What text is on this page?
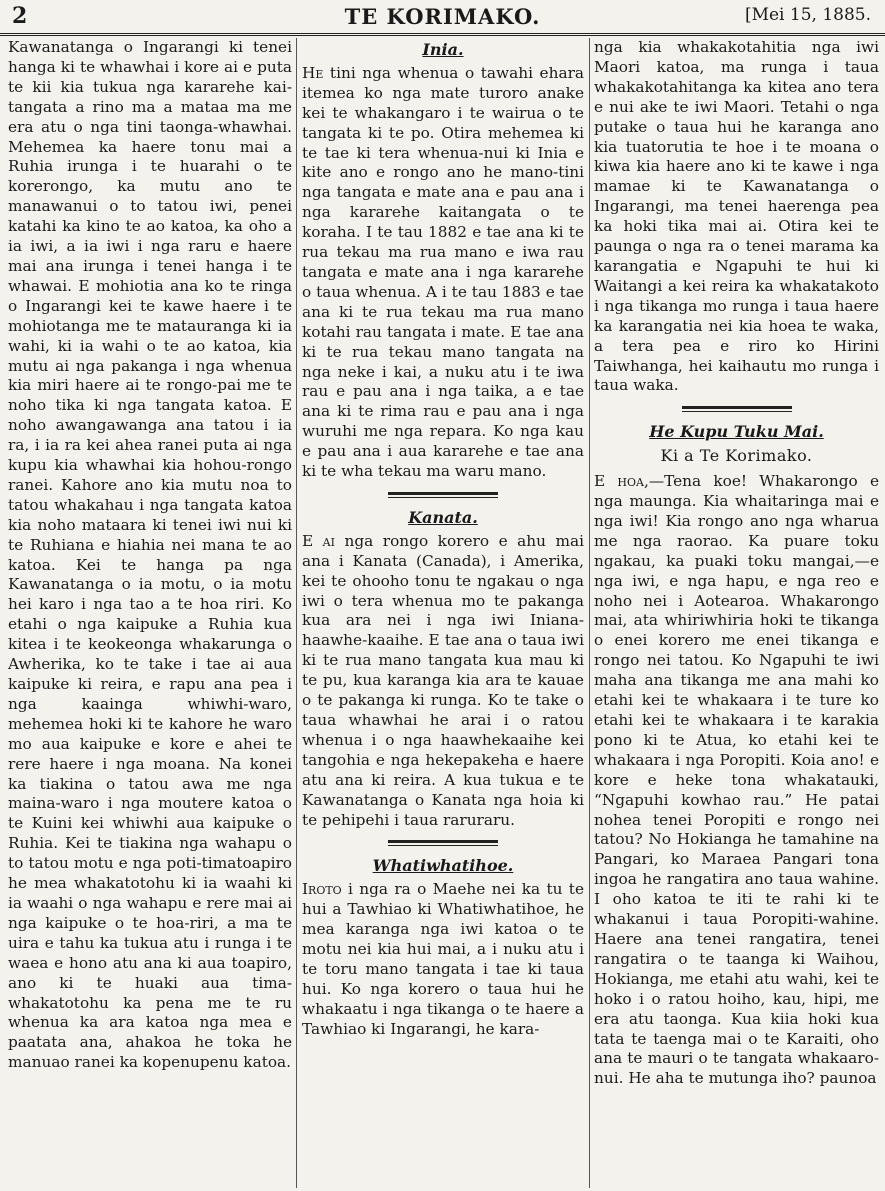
2	TE KORIMAKO.	[Mei 15, 1885.

Kawanatanga o Ingarangi ki tenei hanga ki te whawhai i kore ai e puta te kii kia tukua nga kararehe kai-tangata a rino ma a mataa ma me era atu o nga tini taonga-whawhai. Mehemea ka haere tonu mai a Ruhia irunga i te huarahi o te korerongo, ka mutu ano te manawanui o to tatou iwi, penei katahi ka kino te ao katoa, ka oho a ia iwi, a ia iwi i nga raru e haere mai ana irunga i tenei hanga i te whawai. E mohiotia ana ko te ringa o Ingarangi kei te kawe haere i te mohiotanga me te matauranga ki ia wahi, ki ia wahi o te ao katoa, kia mutu ai nga pakanga i nga whenua kia miri haere ai te rongo-pai me te noho tika ki nga tangata katoa. E noho awangawanga ana tatou i ia ra, i ia ra kei ahea ranei puta ai nga kupu kia whawhai kia hohou-rongo ranei. Kahore ano kia mutu noa to tatou whakahau i nga tangata katoa kia noho mataara ki tenei iwi nui ki te Ruhiana e hiahia nei mana te ao katoa. Kei te hanga pa nga Kawanatanga o ia motu, o ia motu hei karo i nga tao a te hoa riri. Ko etahi o nga kaipuke a Ruhia kua kitea i te keokeonga whakarunga o Awherika, ko te take i tae ai aua kaipuke ki reira, e rapu ana pea i nga kaainga whiwhi-waro, mehemea hoki ki te kahore he waro mo aua kaipuke e kore e ahei te rere haere i nga moana. Na konei ka tiakina o tatou awa me nga maina-waro i nga moutere katoa o te Kuini kei whiwhi aua kaipuke o Ruhia. Kei te tiakina nga wahapu o to tatou motu e nga poti-timatoapiro he mea whakatotohu ki ia waahi ki ia waahi o nga wahapu e rere mai ai nga kaipuke o te hoa-riri, a ma te uira e tahu ka tukua atu i runga i te waea e hono atu ana ki aua toapiro, ano ki te huaki aua tima-whakatotohu ka pena me te ru whenua ka ara katoa nga mea e paatata ana, ahakoa he toka he manuao ranei ka kopenupenu katoa.

Inia.

He tini nga whenua o tawahi ehara itemea ko nga mate turoro anake kei te whakangaro i te wairua o te tangata ki te po. Otira mehemea ki te tae ki tera whenua-nui ki Inia e kite ano e rongo ano he mano-tini nga tangata e mate ana e pau ana i nga kararehe kaitangata o te koraha. I te tau 1882 e tae ana ki te rua tekau ma rua mano e iwa rau tangata e mate ana i nga kararehe o taua whenua. A i te tau 1883 e tae ana ki te rua tekau ma rua mano kotahi rau tangata i mate. E tae ana ki te rua tekau mano tangata na nga neke i kai, a nuku atu i te iwa rau e pau ana i nga taika, a e tae ana ki te rima rau e pau ana i nga wuruhi me nga repara. Ko nga kau e pau ana i aua kararehe e tae ana ki te wha tekau ma waru mano.

Kanata.

E ai nga rongo korero e ahu mai ana i Kanata (Canada), i Amerika, kei te ohooho tonu te ngakau o nga iwi o tera whenua mo te pakanga kua ara nei i nga iwi Iniana-haawhe-kaaihe. E tae ana o taua iwi ki te rua mano tangata kua mau ki te pu, kua karanga kia ara te kauae o te pakanga ki runga. Ko te take o taua whawhai he arai i o ratou whenua i o nga haawhekaaihe kei tangohia e nga hekepakeha e haere atu ana ki reira. A kua tukua e te Kawanatanga o Kanata nga hoia ki te pehipehi i taua raruraru.

Whatiwhatihoe.

Iroto i nga ra o Maehe nei ka tu te hui a Tawhiao ki Whatiwhatihoe, he mea karanga nga iwi katoa o te motu nei kia hui mai, a i nuku atu i te toru mano tangata i tae ki taua hui. Ko nga korero o taua hui he whakaatu i nga tikanga o te haere a Tawhiao ki Ingarangi, he kara-

nga kia whakakotahitia nga iwi Maori katoa, ma runga i taua whakakotahitanga ka kitea ano tera e nui ake te iwi Maori. Tetahi o nga putake o taua hui he karanga ano kia tuatorutia te hoe i te moana o kiwa kia haere ano ki te kawe i nga mamae ki te Kawanatanga o Ingarangi, ma tenei haerenga pea ka hoki tika mai ai. Otira kei te paunga o nga ra o tenei marama ka karangatia e Ngapuhi te hui ki Waitangi a kei reira ka whakatakoto i nga tikanga mo runga i taua haere ka karangatia nei kia hoea te waka, a tera pea e riro ko Hirini Taiwhanga, hei kaihautu mo runga i taua waka.

He Kupu Tuku Mai.
Ki a Te Korimako.

E hoa,—Tena koe! Whakarongo e nga maunga. Kia whaitaringa mai e nga iwi! Kia rongo ano nga wharua me nga raorao. Ka puare toku ngakau, ka puaki toku mangai,—e nga iwi, e nga hapu, e nga reo e noho nei i Aotearoa. Whakarongo mai, ata whiriwhiria hoki te tikanga o enei korero me enei tikanga e rongo nei tatou. Ko Ngapuhi te iwi maha ana tikanga me ana mahi ko etahi kei te whakaara i te ture ko etahi kei te whakaara i te karakia pono ki te Atua, ko etahi kei te whakaara i nga Poropiti. Koia ano! e kore e heke tona whakatauki, “Ngapuhi kowhao rau.” He patai nohea tenei Poropiti e rongo nei tatou? No Hokianga he tamahine na Pangari, ko Maraea Pangari tona ingoa he rangatira ano taua wahine. I oho katoa te iti te rahi ki te whakanui i taua Poropiti-wahine. Haere ana tenei rangatira, tenei rangatira o te taanga ki Waihou, Hokianga, me etahi atu wahi, kei te hoko i o ratou hoiho, kau, hipi, me era atu taonga. Kua kiia hoki kua tata te taenga mai o te Karaiti, oho ana te mauri o te tangata whakaaro-nui. He aha te mutunga iho? paunoa
